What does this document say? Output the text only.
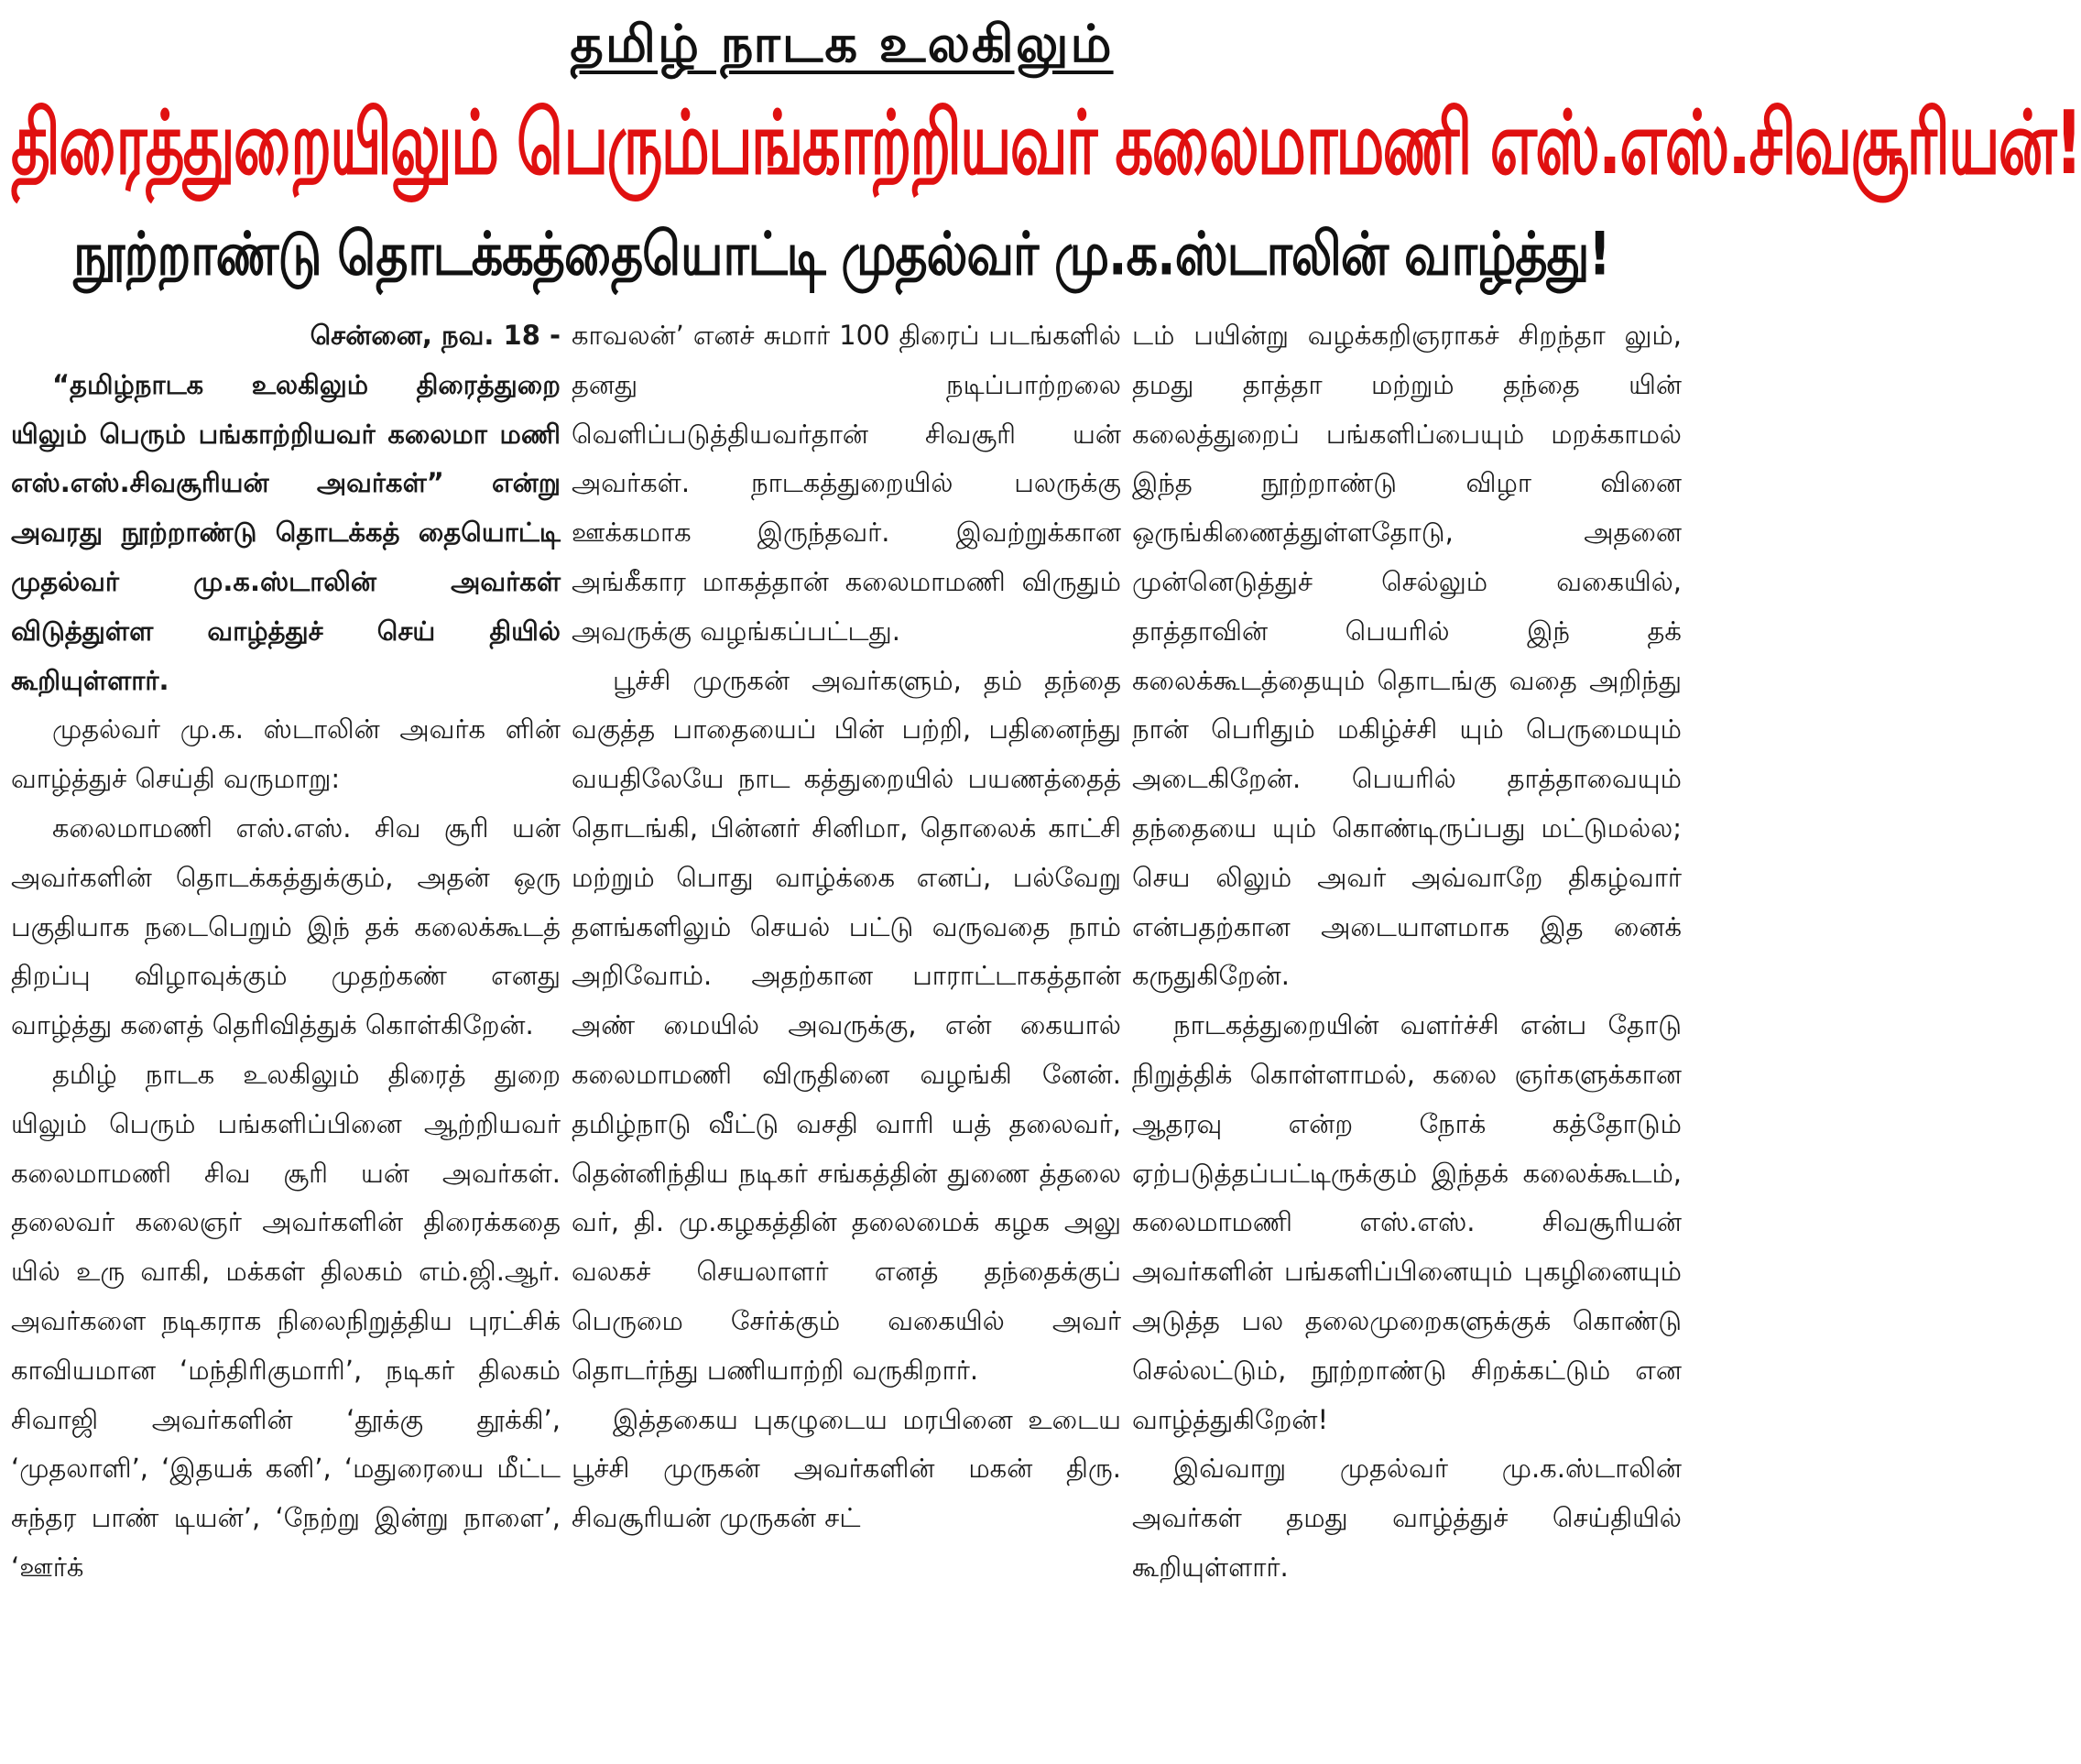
தமிழ் நாடக உலகிலும்
திரைத்துறையிலும் பெரும்பங்காற்றியவர் கலைமாமணி எஸ்.எஸ்.சிவசூரியன்!
நூற்றாண்டு தொடக்கத்தையொட்டி முதல்வர் மு.க.ஸ்டாலின் வாழ்த்து!

சென்னை, நவ. 18 -

“தமிழ்நாடக உலகிலும் திரைத்துறை யிலும் பெரும் பங்காற்றியவர் கலைமா மணி எஸ்.எஸ்.சிவசூரியன் அவர்கள்” என்று அவரது நூற்றாண்டு தொடக்கத் தையொட்டி முதல்வர் மு.க.ஸ்டாலின் அவர்கள் விடுத்துள்ள வாழ்த்துச் செய் தியில் கூறியுள்ளார்.

முதல்வர் மு.க. ஸ்டாலின் அவர்க ளின் வாழ்த்துச் செய்தி வருமாறு:

கலைமாமணி எஸ்.எஸ். சிவ சூரி யன் அவர்களின் தொடக்கத்துக்கும், அதன் ஒரு பகுதியாக நடைபெறும் இந் தக் கலைக்கூடத் திறப்பு விழாவுக்கும் முதற்கண் எனது வாழ்த்து களைத் தெரிவித்துக் கொள்கிறேன்.

தமிழ் நாடக உலகிலும் திரைத் துறை யிலும் பெரும் பங்களிப்பினை ஆற்றியவர் கலைமாமணி சிவ சூரி யன் அவர்கள். தலைவர் கலைஞர் அவர்களின் திரைக்கதை யில் உரு வாகி, மக்கள் திலகம் எம்.ஜி.ஆர். அவர்களை நடிகராக நிலைநிறுத்திய புரட்சிக் காவியமான ‘மந்திரிகுமாரி’, நடிகர் திலகம் சிவாஜி அவர்களின் ‘தூக்கு தூக்கி’, ‘முதலாளி’, ‘இதயக் கனி’, ‘மதுரையை மீட்ட சுந்தர பாண் டியன்’, ‘நேற்று இன்று நாளை’, ‘ஊர்க்

காவலன்’ எனச் சுமார் 100 திரைப் படங்களில் தனது நடிப்பாற்றலை வெளிப்படுத்தியவர்தான் சிவசூரி யன் அவர்கள். நாடகத்துறையில் பலருக்கு ஊக்கமாக இருந்தவர். இவற்றுக்கான அங்கீகார மாகத்தான் கலைமாமணி விருதும் அவருக்கு வழங்கப்பட்டது.

பூச்சி முருகன் அவர்களும், தம் தந்தை வகுத்த பாதையைப் பின் பற்றி, பதினைந்து வயதிலேயே நாட கத்துறையில் பயணத்தைத் தொடங்கி, பின்னர் சினிமா, தொலைக் காட்சி மற்றும் பொது வாழ்க்கை எனப், பல்வேறு தளங்களிலும் செயல் பட்டு வருவதை நாம் அறிவோம். அதற்கான பாராட்டாகத்தான் அண் மையில் அவருக்கு, என் கையால் கலைமாமணி விருதினை வழங்கி னேன். தமிழ்நாடு வீட்டு வசதி வாரி யத் தலைவர், தென்னிந்திய நடிகர் சங்கத்தின் துணை த்தலை வர், தி. மு.கழகத்தின் தலைமைக் கழக அலு வலகச் செயலாளர் எனத் தந்தைக்குப் பெருமை சேர்க்கும் வகையில் அவர் தொடர்ந்து பணியாற்றி வருகிறார்.

இத்தகைய புகழுடைய மரபினை உடைய பூச்சி முருகன் அவர்களின் மகன் திரு. சிவசூரியன் முருகன் சட்

டம் பயின்று வழக்கறிஞராகச் சிறந்தா லும், தமது தாத்தா மற்றும் தந்தை யின் கலைத்துறைப் பங்களிப்பையும் மறக்காமல் இந்த நூற்றாண்டு விழா வினை ஒருங்கிணைத்துள்ளதோடு, அதனை முன்னெடுத்துச் செல்லும் வகையில், தாத்தாவின் பெயரில் இந் தக் கலைக்கூடத்தையும் தொடங்கு வதை அறிந்து நான் பெரிதும் மகிழ்ச்சி யும் பெருமையும் அடைகிறேன். பெயரில் தாத்தாவையும் தந்தையை யும் கொண்டிருப்பது மட்டுமல்ல; செய லிலும் அவர் அவ்வாறே திகழ்வார் என்பதற்கான அடையாளமாக இத னைக் கருதுகிறேன்.

நாடகத்துறையின் வளர்ச்சி என்ப தோடு நிறுத்திக் கொள்ளாமல், கலை ஞர்களுக்கான ஆதரவு என்ற நோக் கத்தோடும் ஏற்படுத்தப்பட்டிருக்கும் இந்தக் கலைக்கூடம், கலைமாமணி எஸ்.எஸ். சிவசூரியன் அவர்களின் பங்களிப்பினையும் புகழினையும் அடுத்த பல தலைமுறைகளுக்குக் கொண்டு செல்லட்டும், நூற்றாண்டு சிறக்கட்டும் என வாழ்த்துகிறேன்!

இவ்வாறு முதல்வர் மு.க.ஸ்டாலின் அவர்கள் தமது வாழ்த்துச் செய்தியில் கூறியுள்ளார்.
